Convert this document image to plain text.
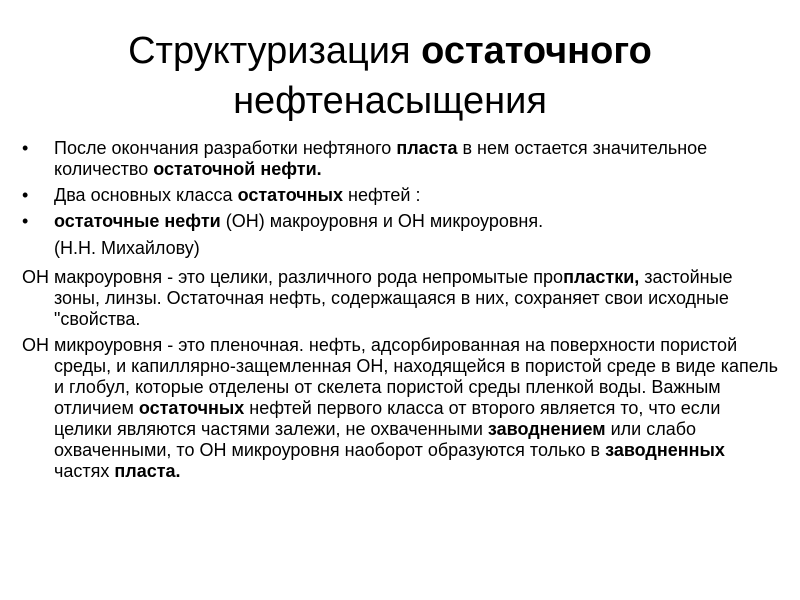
Структуризация остаточного
нефтенасыщения
• После окончания разработки нефтяного пласта в нем остается значительное количество остаточной нефти.
• Два основных класса остаточных нефтей :
• остаточные нефти (ОН) макроуровня и ОН микроуровня.
(Н.Н. Михайлову)
ОН макроуровня - это целики, различного рода непромытые пропластки, застойные зоны, линзы. Остаточная нефть, содержащаяся в них, сохраняет свои исходные "свойства.
ОН микроуровня - это пленочная. нефть, адсорбированная на поверхности пористой среды, и капиллярно-защемленная ОН, находящейся в пористой среде в виде капель и глобул, которые отделены от скелета пористой среды пленкой воды. Важным отличием остаточных нефтей первого класса от второго является то, что если целики являются частями залежи, не охваченными заводнением или слабо охваченными, то ОН микроуровня наоборот образуются только в заводненных частях пласта.
